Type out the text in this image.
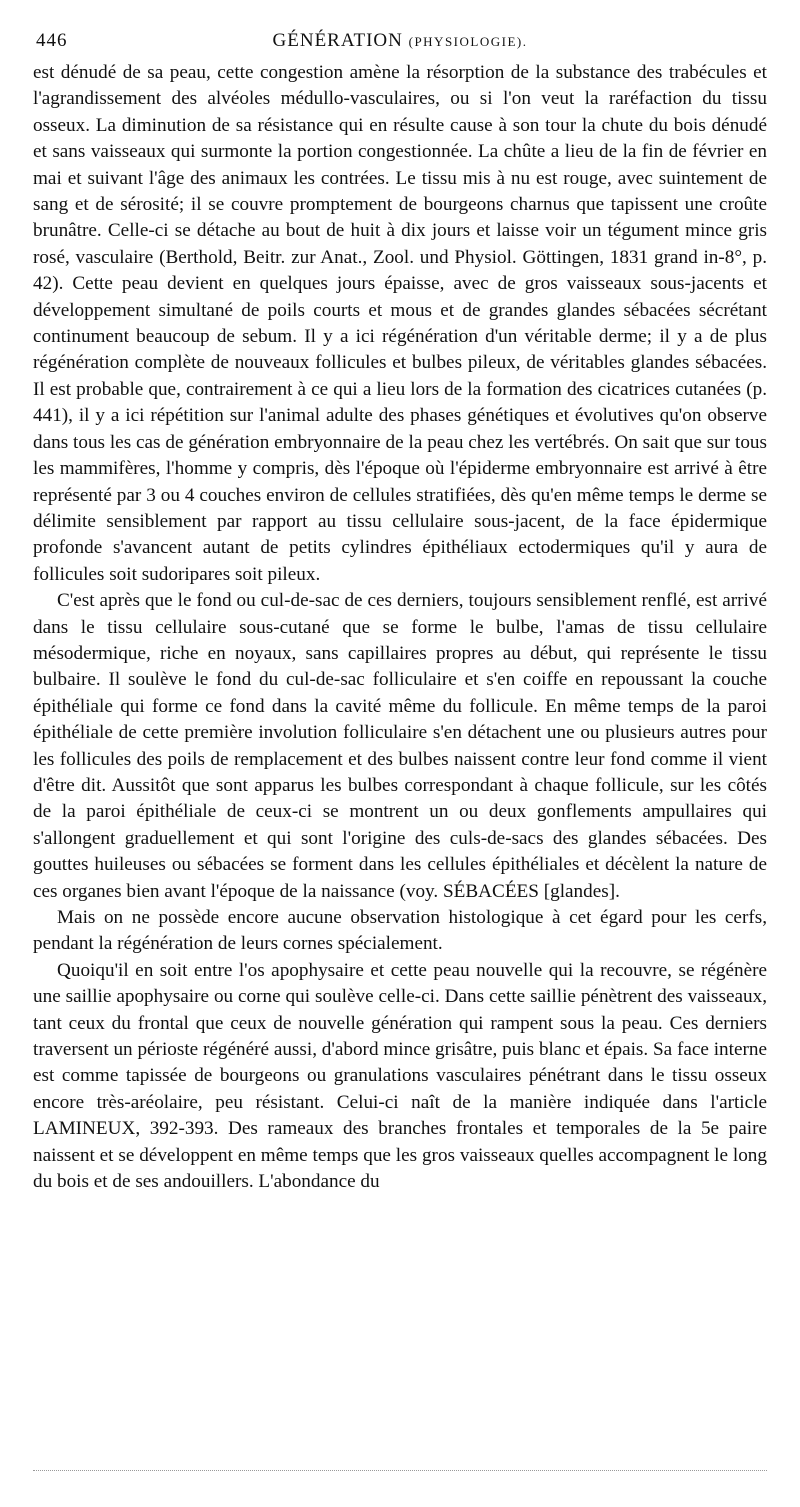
446	GÉNÉRATION (PHYSIOLOGIE).

est dénudé de sa peau, cette congestion amène la résorption de la substance des trabécules et l'agrandissement des alvéoles médullo-vasculaires, ou si l'on veut la raréfaction du tissu osseux. La diminution de sa résistance qui en résulte cause à son tour la chute du bois dénudé et sans vaisseaux qui surmonte la portion congestionnée. La chûte a lieu de la fin de février en mai et suivant l'âge des animaux les contrées. Le tissu mis à nu est rouge, avec suintement de sang et de sérosité; il se couvre promptement de bourgeons charnus que tapissent une croûte brunâtre. Celle-ci se détache au bout de huit à dix jours et laisse voir un tégument mince gris rosé, vasculaire (Berthold, Beitr. zur Anat., Zool. und Physiol. Göttingen, 1831 grand in-8°, p. 42). Cette peau devient en quelques jours épaisse, avec de gros vaisseaux sous-jacents et développement simultané de poils courts et mous et de grandes glandes sébacées sécrétant continument beaucoup de sebum. Il y a ici régénération d'un véritable derme; il y a de plus régénération complète de nouveaux follicules et bulbes pileux, de véritables glandes sébacées. Il est probable que, contrairement à ce qui a lieu lors de la formation des cicatrices cutanées (p. 441), il y a ici répétition sur l'animal adulte des phases génétiques et évolutives qu'on observe dans tous les cas de génération embryonnaire de la peau chez les vertébrés. On sait que sur tous les mammifères, l'homme y compris, dès l'époque où l'épiderme embryonnaire est arrivé à être représenté par 3 ou 4 couches environ de cellules stratifiées, dès qu'en même temps le derme se délimite sensiblement par rapport au tissu cellulaire sous-jacent, de la face épidermique profonde s'avancent autant de petits cylindres épithéliaux ectodermiques qu'il y aura de follicules soit sudoripares soit pileux.

C'est après que le fond ou cul-de-sac de ces derniers, toujours sensiblement renflé, est arrivé dans le tissu cellulaire sous-cutané que se forme le bulbe, l'amas de tissu cellulaire mésodermique, riche en noyaux, sans capillaires propres au début, qui représente le tissu bulbaire. Il soulève le fond du cul-de-sac folliculaire et s'en coiffe en repoussant la couche épithéliale qui forme ce fond dans la cavité même du follicule. En même temps de la paroi épithéliale de cette première involution folliculaire s'en détachent une ou plusieurs autres pour les follicules des poils de remplacement et des bulbes naissent contre leur fond comme il vient d'être dit. Aussitôt que sont apparus les bulbes correspondant à chaque follicule, sur les côtés de la paroi épithéliale de ceux-ci se montrent un ou deux gonflements ampullaires qui s'allongent graduellement et qui sont l'origine des culs-de-sacs des glandes sébacées. Des gouttes huileuses ou sébacées se forment dans les cellules épithéliales et décèlent la nature de ces organes bien avant l'époque de la naissance (voy. SÉBACÉES [glandes].

Mais on ne possède encore aucune observation histologique à cet égard pour les cerfs, pendant la régénération de leurs cornes spécialement.

Quoiqu'il en soit entre l'os apophysaire et cette peau nouvelle qui la recouvre, se régénère une saillie apophysaire ou corne qui soulève celle-ci. Dans cette saillie pénètrent des vaisseaux, tant ceux du frontal que ceux de nouvelle génération qui rampent sous la peau. Ces derniers traversent un périoste régénéré aussi, d'abord mince grisâtre, puis blanc et épais. Sa face interne est comme tapissée de bourgeons ou granulations vasculaires pénétrant dans le tissu osseux encore très-aréolaire, peu résistant. Celui-ci naît de la manière indiquée dans l'article LAMINEUX, 392-393. Des rameaux des branches frontales et temporales de la 5e paire naissent et se développent en même temps que les gros vaisseaux quelles accompagnent le long du bois et de ses andouillers. L'abondance du
